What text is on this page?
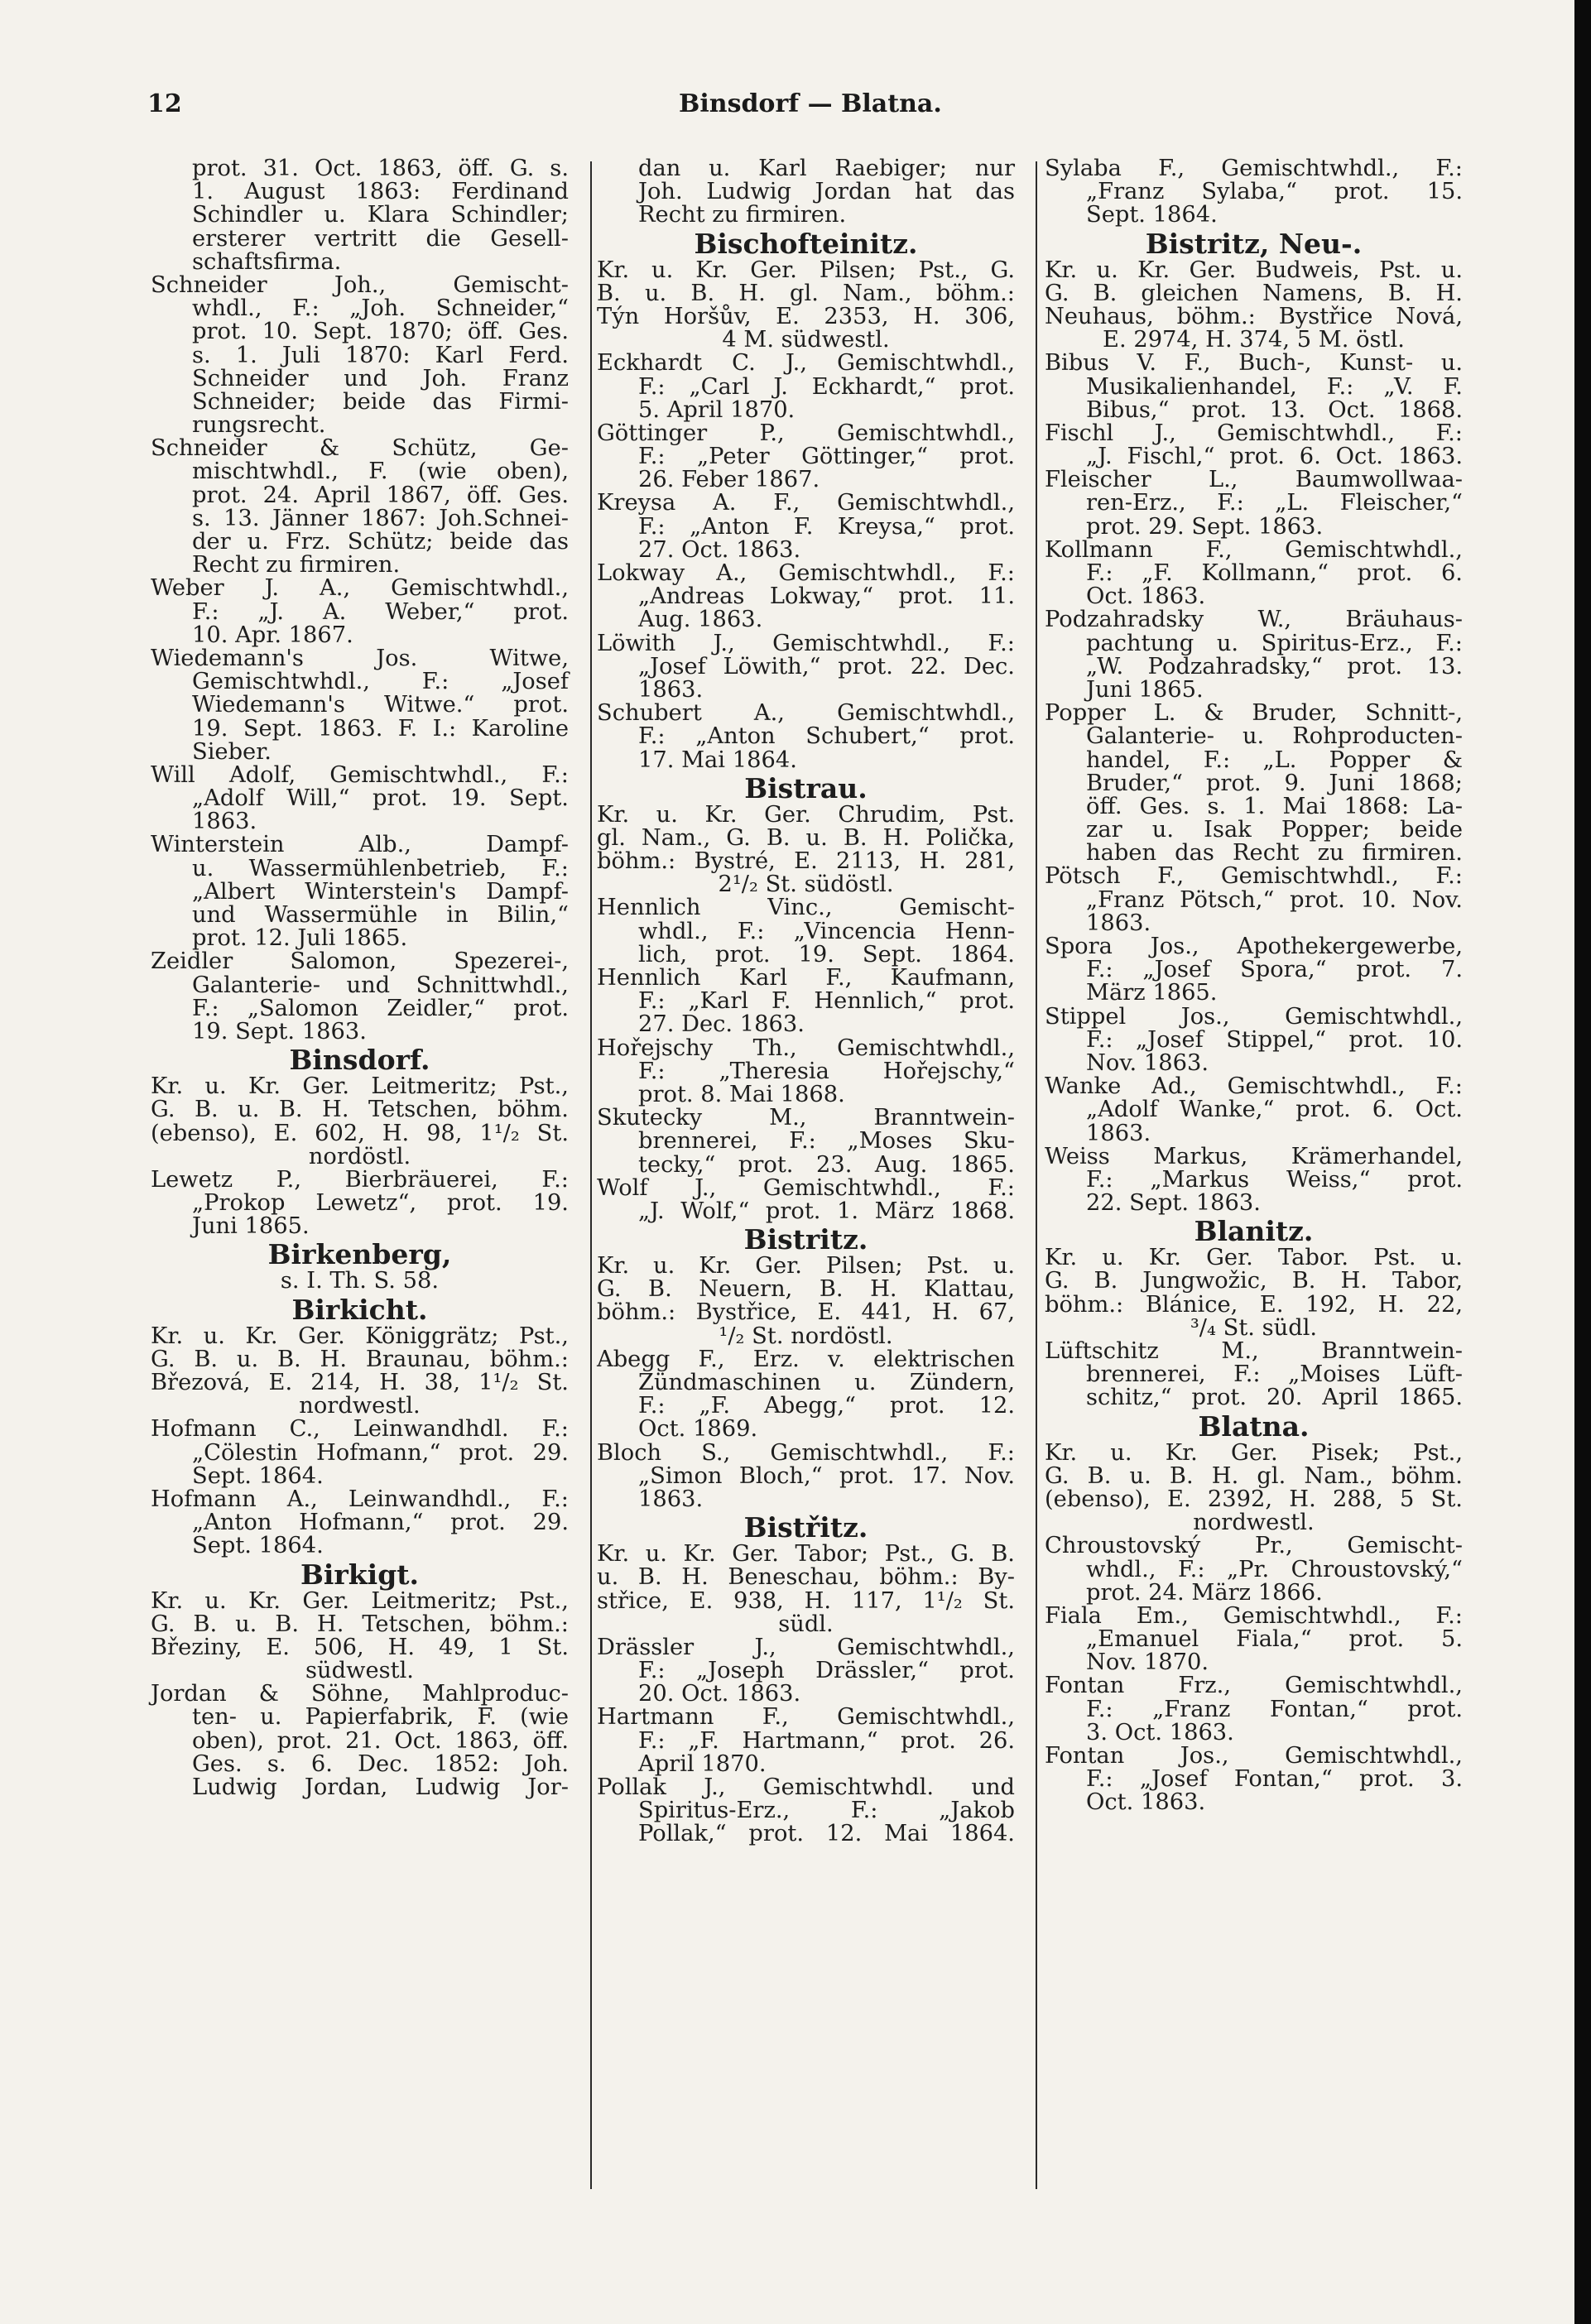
12	Binsdorf — Blatna.
prot. 31. Oct. 1863, öff. G. s.
1. August 1863: Ferdinand
Schindler u. Klara Schindler;
ersterer vertritt die Gesell-
schaftsfirma.
Schneider Joh., Gemischt-
whdl., F.: „Joh. Schneider,“
prot. 10. Sept. 1870; öff. Ges.
s. 1. Juli 1870: Karl Ferd.
Schneider und Joh. Franz
Schneider; beide das Firmi-
rungsrecht.
Schneider & Schütz, Ge-
mischtwhdl., F. (wie oben),
prot. 24. April 1867, öff. Ges.
s. 13. Jänner 1867: Joh.Schnei-
der u. Frz. Schütz; beide das
Recht zu firmiren.
Weber J. A., Gemischtwhdl.,
F.: „J. A. Weber,“ prot.
10. Apr. 1867.
Wiedemann's Jos. Witwe,
Gemischtwhdl., F.: „Josef
Wiedemann's Witwe.“ prot.
19. Sept. 1863. F. I.: Karoline
Sieber.
Will Adolf, Gemischtwhdl., F.:
„Adolf Will,“ prot. 19. Sept.
1863.
Winterstein Alb., Dampf-
u. Wassermühlenbetrieb, F.:
„Albert Winterstein's Dampf-
und Wassermühle in Bilin,“
prot. 12. Juli 1865.
Zeidler Salomon, Spezerei-,
Galanterie- und Schnittwhdl.,
F.: „Salomon Zeidler,“ prot.
19. Sept. 1863.
Binsdorf.
Kr. u. Kr. Ger. Leitmeritz; Pst.,
G. B. u. B. H. Tetschen, böhm.
(ebenso), E. 602, H. 98, 1¹/₂ St.
nordöstl.
Lewetz P., Bierbräuerei, F.:
„Prokop Lewetz“, prot. 19.
Juni 1865.
Birkenberg,
s. I. Th. S. 58.
Birkicht.
Kr. u. Kr. Ger. Königgrätz; Pst.,
G. B. u. B. H. Braunau, böhm.:
Březová, E. 214, H. 38, 1¹/₂ St.
nordwestl.
Hofmann C., Leinwandhdl. F.:
„Cölestin Hofmann,“ prot. 29.
Sept. 1864.
Hofmann A., Leinwandhdl., F.:
„Anton Hofmann,“ prot. 29.
Sept. 1864.
Birkigt.
Kr. u. Kr. Ger. Leitmeritz; Pst.,
G. B. u. B. H. Tetschen, böhm.:
Březiny, E. 506, H. 49, 1 St.
südwestl.
Jordan & Söhne, Mahlproduc-
ten- u. Papierfabrik, F. (wie
oben), prot. 21. Oct. 1863, öff.
Ges. s. 6. Dec. 1852: Joh.
Ludwig Jordan, Ludwig Jor-
dan u. Karl Raebiger; nur
Joh. Ludwig Jordan hat das
Recht zu firmiren.
Bischofteinitz.
Kr. u. Kr. Ger. Pilsen; Pst., G.
B. u. B. H. gl. Nam., böhm.:
Týn Horšův, E. 2353, H. 306,
4 M. südwestl.
Eckhardt C. J., Gemischtwhdl.,
F.: „Carl J. Eckhardt,“ prot.
5. April 1870.
Göttinger P., Gemischtwhdl.,
F.: „Peter Göttinger,“ prot.
26. Feber 1867.
Kreysa A. F., Gemischtwhdl.,
F.: „Anton F. Kreysa,“ prot.
27. Oct. 1863.
Lokway A., Gemischtwhdl., F.:
„Andreas Lokway,“ prot. 11.
Aug. 1863.
Löwith J., Gemischtwhdl., F.:
„Josef Löwith,“ prot. 22. Dec.
1863.
Schubert A., Gemischtwhdl.,
F.: „Anton Schubert,“ prot.
17. Mai 1864.
Bistrau.
Kr. u. Kr. Ger. Chrudim, Pst.
gl. Nam., G. B. u. B. H. Polička,
böhm.: Bystré, E. 2113, H. 281,
2¹/₂ St. südöstl.
Hennlich Vinc., Gemischt-
whdl., F.: „Vincencia Henn-
lich, prot. 19. Sept. 1864.
Hennlich Karl F., Kaufmann,
F.: „Karl F. Hennlich,“ prot.
27. Dec. 1863.
Hořejschy Th., Gemischtwhdl.,
F.: „Theresia Hořejschy,“
prot. 8. Mai 1868.
Skutecky M., Branntwein-
brennerei, F.: „Moses Sku-
tecky,“ prot. 23. Aug. 1865.
Wolf J., Gemischtwhdl., F.:
„J. Wolf,“ prot. 1. März 1868.
Bistritz.
Kr. u. Kr. Ger. Pilsen; Pst. u.
G. B. Neuern, B. H. Klattau,
böhm.: Bystřice, E. 441, H. 67,
¹/₂ St. nordöstl.
Abegg F., Erz. v. elektrischen
Zündmaschinen u. Zündern,
F.: „F. Abegg,“ prot. 12.
Oct. 1869.
Bloch S., Gemischtwhdl., F.:
„Simon Bloch,“ prot. 17. Nov.
1863.
Bistřitz.
Kr. u. Kr. Ger. Tabor; Pst., G. B.
u. B. H. Beneschau, böhm.: By-
střice, E. 938, H. 117, 1¹/₂ St.
südl.
Drässler J., Gemischtwhdl.,
F.: „Joseph Drässler,“ prot.
20. Oct. 1863.
Hartmann F., Gemischtwhdl.,
F.: „F. Hartmann,“ prot. 26.
April 1870.
Pollak J., Gemischtwhdl. und
Spiritus-Erz., F.: „Jakob
Pollak,“ prot. 12. Mai 1864.
Sylaba F., Gemischtwhdl., F.:
„Franz Sylaba,“ prot. 15.
Sept. 1864.
Bistritz, Neu-.
Kr. u. Kr. Ger. Budweis, Pst. u.
G. B. gleichen Namens, B. H.
Neuhaus, böhm.: Bystřice Nová,
E. 2974, H. 374, 5 M. östl.
Bibus V. F., Buch-, Kunst- u.
Musikalienhandel, F.: „V. F.
Bibus,“ prot. 13. Oct. 1868.
Fischl J., Gemischtwhdl., F.:
„J. Fischl,“ prot. 6. Oct. 1863.
Fleischer L., Baumwollwaa-
ren-Erz., F.: „L. Fleischer,“
prot. 29. Sept. 1863.
Kollmann F., Gemischtwhdl.,
F.: „F. Kollmann,“ prot. 6.
Oct. 1863.
Podzahradsky W., Bräuhaus-
pachtung u. Spiritus-Erz., F.:
„W. Podzahradsky,“ prot. 13.
Juni 1865.
Popper L. & Bruder, Schnitt-,
Galanterie- u. Rohproducten-
handel, F.: „L. Popper &
Bruder,“ prot. 9. Juni 1868;
öff. Ges. s. 1. Mai 1868: La-
zar u. Isak Popper; beide
haben das Recht zu firmiren.
Pötsch F., Gemischtwhdl., F.:
„Franz Pötsch,“ prot. 10. Nov.
1863.
Spora Jos., Apothekergewerbe,
F.: „Josef Spora,“ prot. 7.
März 1865.
Stippel Jos., Gemischtwhdl.,
F.: „Josef Stippel,“ prot. 10.
Nov. 1863.
Wanke Ad., Gemischtwhdl., F.:
„Adolf Wanke,“ prot. 6. Oct.
1863.
Weiss Markus, Krämerhandel,
F.: „Markus Weiss,“ prot.
22. Sept. 1863.
Blanitz.
Kr. u. Kr. Ger. Tabor. Pst. u.
G. B. Jungwožic, B. H. Tabor,
böhm.: Blánice, E. 192, H. 22,
³/₄ St. südl.
Lüftschitz M., Branntwein-
brennerei, F.: „Moises Lüft-
schitz,“ prot. 20. April 1865.
Blatna.
Kr. u. Kr. Ger. Pisek; Pst.,
G. B. u. B. H. gl. Nam., böhm.
(ebenso), E. 2392, H. 288, 5 St.
nordwestl.
Chroustovský Pr., Gemischt-
whdl., F.: „Pr. Chroustovský,“
prot. 24. März 1866.
Fiala Em., Gemischtwhdl., F.:
„Emanuel Fiala,“ prot. 5.
Nov. 1870.
Fontan Frz., Gemischtwhdl.,
F.: „Franz Fontan,“ prot.
3. Oct. 1863.
Fontan Jos., Gemischtwhdl.,
F.: „Josef Fontan,“ prot. 3.
Oct. 1863.
